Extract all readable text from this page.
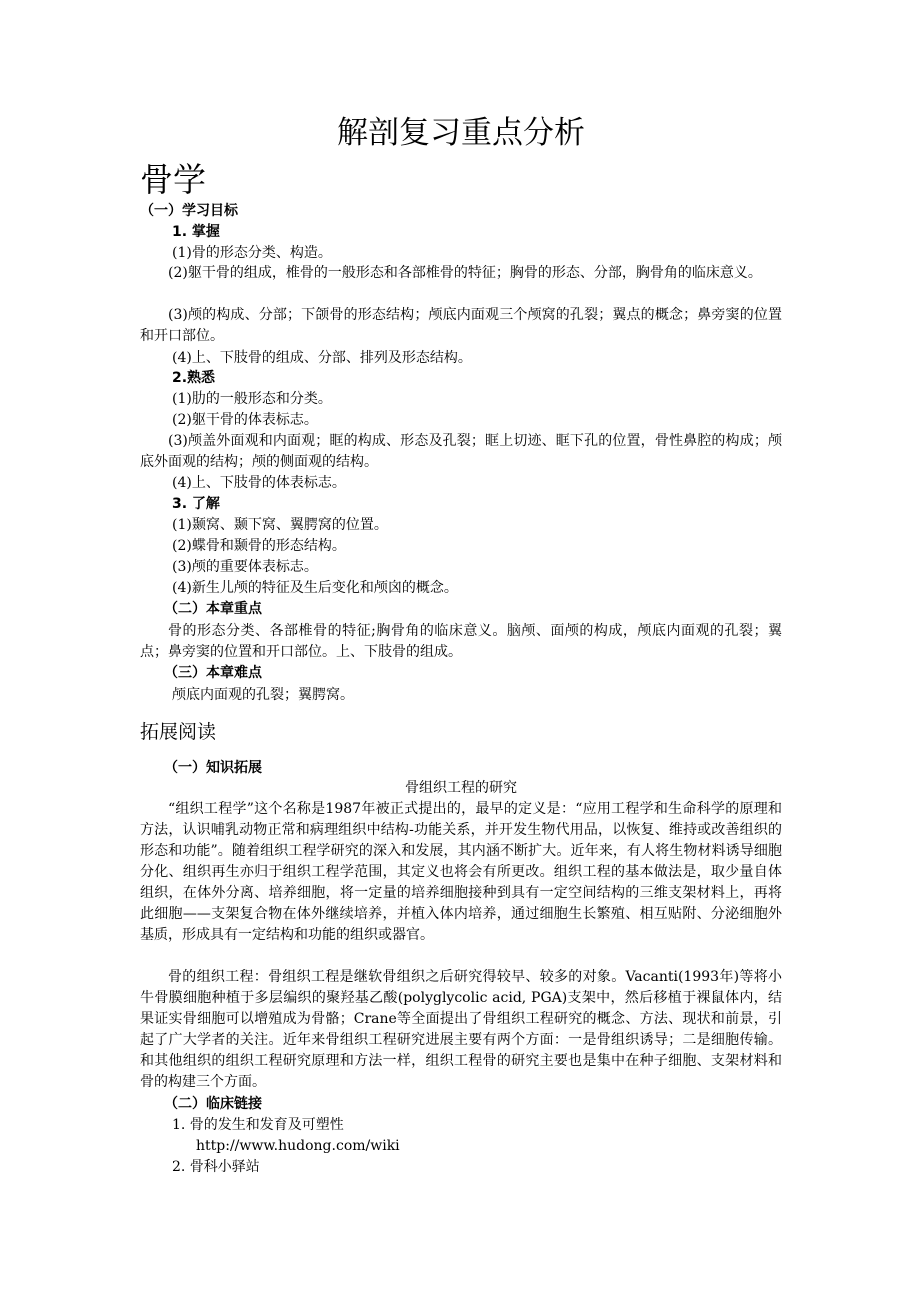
解剖复习重点分析
骨学
（一）学习目标
1. 掌握
(1)骨的形态分类、构造。
(2)躯干骨的组成，椎骨的一般形态和各部椎骨的特征；胸骨的形态、分部，胸骨角的临床意义。
(3)颅的构成、分部；下颌骨的形态结构；颅底内面观三个颅窝的孔裂；翼点的概念；鼻旁窦的位置和开口部位。
(4)上、下肢骨的组成、分部、排列及形态结构。
2.熟悉
(1)肋的一般形态和分类。
(2)躯干骨的体表标志。
(3)颅盖外面观和内面观；眶的构成、形态及孔裂；眶上切迹、眶下孔的位置，骨性鼻腔的构成；颅底外面观的结构；颅的侧面观的结构。
(4)上、下肢骨的体表标志。
3. 了解
(1)颞窝、颞下窝、翼腭窝的位置。
(2)蝶骨和颞骨的形态结构。
(3)颅的重要体表标志。
(4)新生儿颅的特征及生后变化和颅囟的概念。
（二）本章重点
骨的形态分类、各部椎骨的特征;胸骨角的临床意义。脑颅、面颅的构成，颅底内面观的孔裂；翼点；鼻旁窦的位置和开口部位。上、下肢骨的组成。
（三）本章难点
颅底内面观的孔裂；翼腭窝。
拓展阅读
（一）知识拓展
骨组织工程的研究
“组织工程学”这个名称是1987年被正式提出的，最早的定义是：“应用工程学和生命科学的原理和方法，认识哺乳动物正常和病理组织中结构-功能关系，并开发生物代用品，以恢复、维持或改善组织的形态和功能”。随着组织工程学研究的深入和发展，其内涵不断扩大。近年来，有人将生物材料诱导细胞分化、组织再生亦归于组织工程学范围，其定义也将会有所更改。组织工程的基本做法是，取少量自体组织，在体外分离、培养细胞，将一定量的培养细胞接种到具有一定空间结构的三维支架材料上，再将此细胞——支架复合物在体外继续培养，并植入体内培养，通过细胞生长繁殖、相互贴附、分泌细胞外基质，形成具有一定结构和功能的组织或器官。
骨的组织工程：骨组织工程是继软骨组织之后研究得较早、较多的对象。Vacanti(1993年)等将小牛骨膜细胞种植于多层编织的聚羟基乙酸(polyglycolic acid, PGA)支架中，然后移植于裸鼠体内，结果证实骨细胞可以增殖成为骨骼；Crane等全面提出了骨组织工程研究的概念、方法、现状和前景，引起了广大学者的关注。近年来骨组织工程研究进展主要有两个方面：一是骨组织诱导；二是细胞传输。和其他组织的组织工程研究原理和方法一样，组织工程骨的研究主要也是集中在种子细胞、支架材料和骨的构建三个方面。
（二）临床链接
1. 骨的发生和发育及可塑性
http://www.hudong.com/wiki
2. 骨科小驿站
